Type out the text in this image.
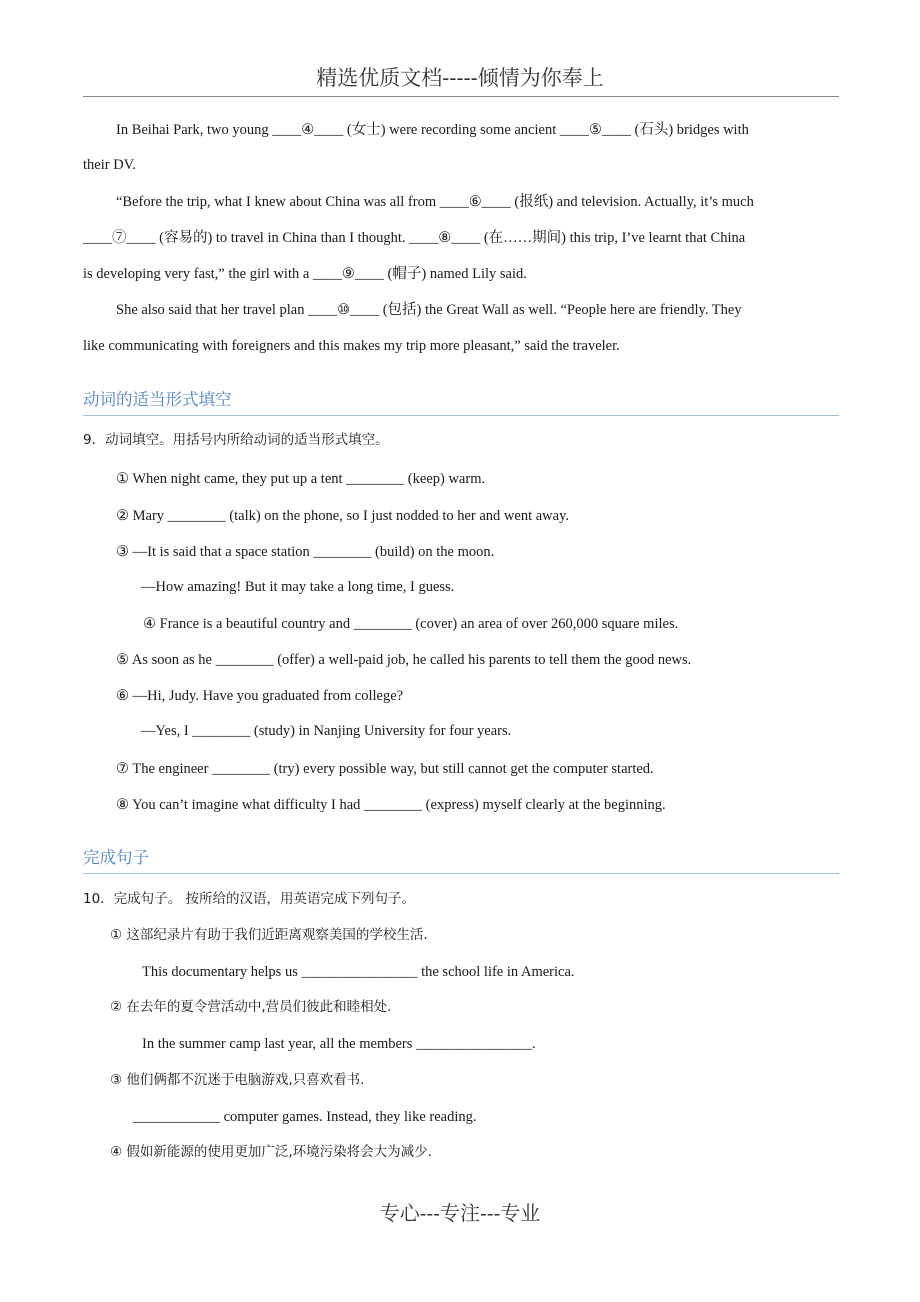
精选优质文档-----倾情为你奉上
In Beihai Park, two young ____④____ (女士) were recording some ancient ____⑤____ (石头) bridges with
their DV.
“Before the trip, what I knew about China was all from ____⑥____ (报纸) and television. Actually, it’s much
____⑦____ (容易的) to travel in China than I thought. ____⑧____ (在……期间) this trip, I’ve learnt that China
is developing very fast,” the girl with a ____⑨____ (帽子) named Lily said.
She also said that her travel plan ____⑩____ (包括) the Great Wall as well. “People here are friendly. They
like communicating with foreigners and this makes my trip more pleasant,” said the traveler.
动词的适当形式填空
9．动词填空。用括号内所给动词的适当形式填空。
① When night came, they put up a tent ________ (keep) warm.
② Mary ________ (talk) on the phone, so I just nodded to her and went away.
③ —It is said that a space station ________ (build) on the moon.
—How amazing! But it may take a long time, I guess.
④ France is a beautiful country and ________ (cover) an area of over 260,000 square miles.
⑤ As soon as he ________ (offer) a well-paid job, he called his parents to tell them the good news.
⑥ —Hi, Judy. Have you graduated from college?
—Yes, I ________ (study) in Nanjing University for four years.
⑦ The engineer ________ (try) every possible way, but still cannot get the computer started.
⑧ You can’t imagine what difficulty I had ________ (express) myself clearly at the beginning.
完成句子
10．完成句子。 按所给的汉语，用英语完成下列句子。
① 这部纪录片有助于我们近距离观察美国的学校生活.
This documentary helps us ________________ the school life in America.
② 在去年的夏令营活动中,营员们彼此和睦相处.
In the summer camp last year, all the members ________________.
③ 他们俩都不沉迷于电脑游戏,只喜欢看书.
____________ computer games. Instead, they like reading.
④ 假如新能源的使用更加广泛,环境污染将会大为减少.
专心---专注---专业
